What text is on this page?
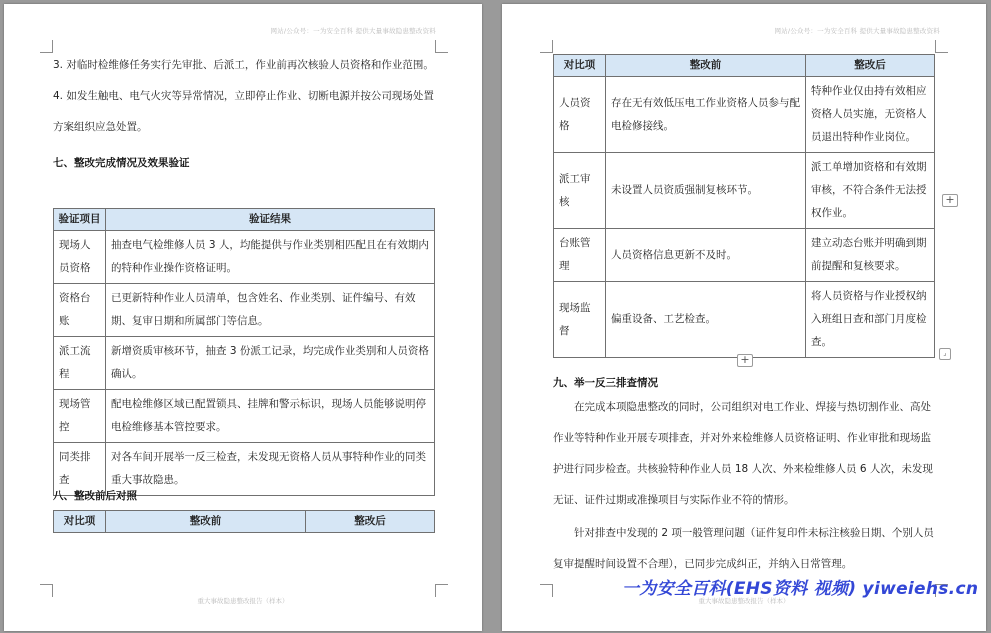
网站/公众号：一为安全百科 提供大量事故隐患整改资料

3. 对临时检维修任务实行先审批、后派工，作业前再次核验人员资格和作业范围。

4. 如发生触电、电气火灾等异常情况，立即停止作业、切断电源并按公司现场处置方案组织应急处置。

七、整改完成情况及效果验证

验证项目	验证结果
现场人员资格	抽查电气检维修人员 3 人，均能提供与作业类别相匹配且在有效期内的特种作业操作资格证明。
资格台账	已更新特种作业人员清单，包含姓名、作业类别、证件编号、有效期、复审日期和所属部门等信息。
派工流程	新增资质审核环节，抽查 3 份派工记录，均完成作业类别和人员资格确认。
现场管控	配电检维修区域已配置锁具、挂牌和警示标识，现场人员能够说明停电检维修基本管控要求。
同类排查	对各车间开展举一反三检查，未发现无资格人员从事特种作业的同类重大事故隐患。

八、整改前后对照

对比项	整改前	整改后
重大事故隐患整改报告（样本）
网站/公众号：一为安全百科 提供大量事故隐患整改资料
对比项	整改前	整改后
人员资格	存在无有效低压电工作业资格人员参与配电检修接线。	特种作业仅由持有效相应资格人员实施，无资格人员退出特种作业岗位。
派工审核	未设置人员资质强制复核环节。	派工单增加资格和有效期审核，不符合条件无法授权作业。
台账管理	人员资格信息更新不及时。	建立动态台账并明确到期前提醒和复核要求。
现场监督	偏重设备、工艺检查。	将人员资格与作业授权纳入班组日查和部门月度检查。
+
+
⌟

九、举一反三排查情况

在完成本项隐患整改的同时，公司组织对电工作业、焊接与热切割作业、高处作业等特种作业开展专项排查，并对外来检维修人员资格证明、作业审批和现场监护进行同步检查。共核验特种作业人员 18 人次、外来检维修人员 6 人次，未发现无证、证件过期或准操项目与实际作业不符的情形。

针对排查中发现的 2 项一般管理问题（证件复印件未标注核验日期、个别人员复审提醒时间设置不合理），已同步完成纠正，并纳入日常管理。

重大事故隐患整改报告（样本）
一为安全百科(EHS资料 视频) yiweiehs.cn
